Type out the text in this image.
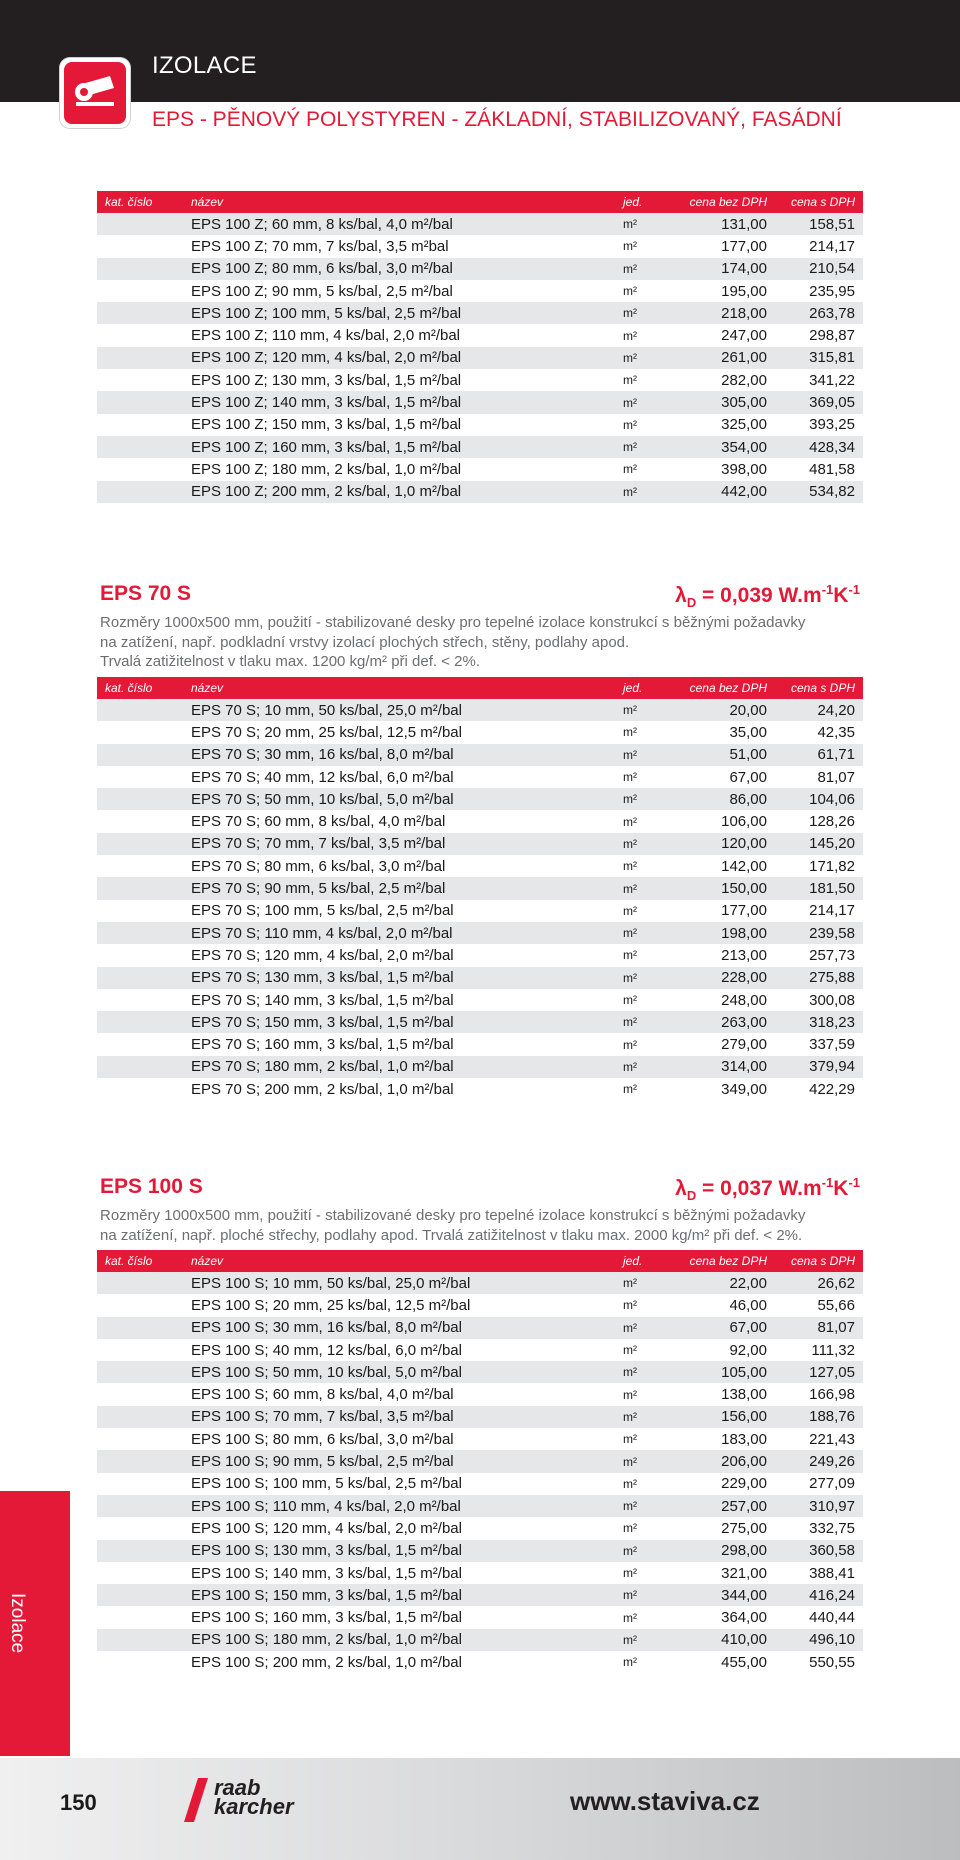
IZOLACE
EPS - PĚNOVÝ POLYSTYREN - ZÁKLADNÍ, STABILIZOVANÝ, FASÁDNÍ
kat. číslo	název	jed.	cena bez DPH	cena s DPH
	EPS 100 Z; 60 mm, 8 ks/bal, 4,0 m²/bal	m²	131,00	158,51
	EPS 100 Z; 70 mm, 7 ks/bal, 3,5 m²bal	m²	177,00	214,17
	EPS 100 Z; 80 mm, 6 ks/bal, 3,0 m²/bal	m²	174,00	210,54
	EPS 100 Z; 90 mm, 5 ks/bal, 2,5 m²/bal	m²	195,00	235,95
	EPS 100 Z; 100 mm, 5 ks/bal, 2,5 m²/bal	m²	218,00	263,78
	EPS 100 Z; 110 mm, 4 ks/bal, 2,0 m²/bal	m²	247,00	298,87
	EPS 100 Z; 120 mm, 4 ks/bal, 2,0 m²/bal	m²	261,00	315,81
	EPS 100 Z; 130 mm, 3 ks/bal, 1,5 m²/bal	m²	282,00	341,22
	EPS 100 Z; 140 mm, 3 ks/bal, 1,5 m²/bal	m²	305,00	369,05
	EPS 100 Z; 150 mm, 3 ks/bal, 1,5 m²/bal	m²	325,00	393,25
	EPS 100 Z; 160 mm, 3 ks/bal, 1,5 m²/bal	m²	354,00	428,34
	EPS 100 Z; 180 mm, 2 ks/bal, 1,0 m²/bal	m²	398,00	481,58
	EPS 100 Z; 200 mm, 2 ks/bal, 1,0 m²/bal	m²	442,00	534,82
EPS 70 S	$\lambda_D = 0,039$ $W.m^{-1}K^{-1}$
Rozměry 1000x500 mm, použití - stabilizované desky pro tepelné izolace konstrukcí s běžnými požadavky
na zatížení, např. podkladní vrstvy izolací plochých střech, stěny, podlahy apod.
Trvalá zatižitelnost v tlaku max. 1200 kg/m² při def. < 2%.
kat. číslo	název	jed.	cena bez DPH	cena s DPH
	EPS 70 S; 10 mm, 50 ks/bal, 25,0 m²/bal	m²	20,00	24,20
	EPS 70 S; 20 mm, 25 ks/bal, 12,5 m²/bal	m²	35,00	42,35
	EPS 70 S; 30 mm, 16 ks/bal, 8,0 m²/bal	m²	51,00	61,71
	EPS 70 S; 40 mm, 12 ks/bal, 6,0 m²/bal	m²	67,00	81,07
	EPS 70 S; 50 mm, 10 ks/bal, 5,0 m²/bal	m²	86,00	104,06
	EPS 70 S; 60 mm, 8 ks/bal, 4,0 m²/bal	m²	106,00	128,26
	EPS 70 S; 70 mm, 7 ks/bal, 3,5 m²/bal	m²	120,00	145,20
	EPS 70 S; 80 mm, 6 ks/bal, 3,0 m²/bal	m²	142,00	171,82
	EPS 70 S; 90 mm, 5 ks/bal, 2,5 m²/bal	m²	150,00	181,50
	EPS 70 S; 100 mm, 5 ks/bal, 2,5 m²/bal	m²	177,00	214,17
	EPS 70 S; 110 mm, 4 ks/bal, 2,0 m²/bal	m²	198,00	239,58
	EPS 70 S; 120 mm, 4 ks/bal, 2,0 m²/bal	m²	213,00	257,73
	EPS 70 S; 130 mm, 3 ks/bal, 1,5 m²/bal	m²	228,00	275,88
	EPS 70 S; 140 mm, 3 ks/bal, 1,5 m²/bal	m²	248,00	300,08
	EPS 70 S; 150 mm, 3 ks/bal, 1,5 m²/bal	m²	263,00	318,23
	EPS 70 S; 160 mm, 3 ks/bal, 1,5 m²/bal	m²	279,00	337,59
	EPS 70 S; 180 mm, 2 ks/bal, 1,0 m²/bal	m²	314,00	379,94
	EPS 70 S; 200 mm, 2 ks/bal, 1,0 m²/bal	m²	349,00	422,29
EPS 100 S	$\lambda_D = 0,037$ $W.m^{-1}K^{-1}$
Rozměry 1000x500 mm, použití - stabilizované desky pro tepelné izolace konstrukcí s běžnými požadavky
na zatížení, např. ploché střechy, podlahy apod. Trvalá zatižitelnost v tlaku max. 2000 kg/m² při def. < 2%.
kat. číslo	název	jed.	cena bez DPH	cena s DPH
	EPS 100 S; 10 mm, 50 ks/bal, 25,0 m²/bal	m²	22,00	26,62
	EPS 100 S; 20 mm, 25 ks/bal, 12,5 m²/bal	m²	46,00	55,66
	EPS 100 S; 30 mm, 16 ks/bal, 8,0 m²/bal	m²	67,00	81,07
	EPS 100 S; 40 mm, 12 ks/bal, 6,0 m²/bal	m²	92,00	111,32
	EPS 100 S; 50 mm, 10 ks/bal, 5,0 m²/bal	m²	105,00	127,05
	EPS 100 S; 60 mm, 8 ks/bal, 4,0 m²/bal	m²	138,00	166,98
	EPS 100 S; 70 mm, 7 ks/bal, 3,5 m²/bal	m²	156,00	188,76
	EPS 100 S; 80 mm, 6 ks/bal, 3,0 m²/bal	m²	183,00	221,43
	EPS 100 S; 90 mm, 5 ks/bal, 2,5 m²/bal	m²	206,00	249,26
	EPS 100 S; 100 mm, 5 ks/bal, 2,5 m²/bal	m²	229,00	277,09
	EPS 100 S; 110 mm, 4 ks/bal, 2,0 m²/bal	m²	257,00	310,97
	EPS 100 S; 120 mm, 4 ks/bal, 2,0 m²/bal	m²	275,00	332,75
	EPS 100 S; 130 mm, 3 ks/bal, 1,5 m²/bal	m²	298,00	360,58
	EPS 100 S; 140 mm, 3 ks/bal, 1,5 m²/bal	m²	321,00	388,41
	EPS 100 S; 150 mm, 3 ks/bal, 1,5 m²/bal	m²	344,00	416,24
	EPS 100 S; 160 mm, 3 ks/bal, 1,5 m²/bal	m²	364,00	440,44
	EPS 100 S; 180 mm, 2 ks/bal, 1,0 m²/bal	m²	410,00	496,10
	EPS 100 S; 200 mm, 2 ks/bal, 1,0 m²/bal	m²	455,00	550,55
Izolace
150
raab
karcher	www.staviva.cz
